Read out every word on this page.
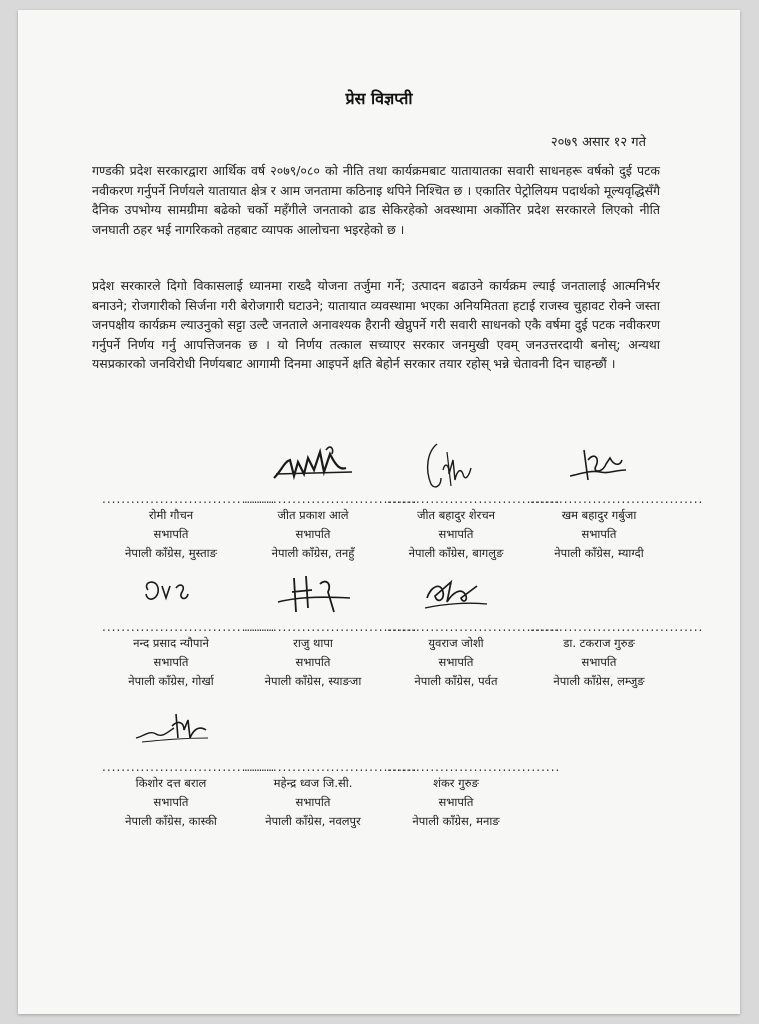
प्रेस विज्ञप्ती
२०७९ असार १२ गते
गण्डकी प्रदेश सरकारद्वारा आर्थिक वर्ष २०७९/०८० को नीति तथा कार्यक्रमबाट यातायातका सवारी साधनहरू वर्षको दुई पटक नवीकरण गर्नुपर्ने निर्णयले यातायात क्षेत्र र आम जनतामा कठिनाइ थपिने निश्चित छ । एकातिर पेट्रोलियम पदार्थको मूल्यवृद्धिसँगै दैनिक उपभोग्य सामग्रीमा बढेको चर्को महँगीले जनताको ढाड सेकिरहेको अवस्थामा अर्कोतिर प्रदेश सरकारले लिएको नीति जनघाती ठहर भई नागरिकको तहबाट व्यापक आलोचना भइरहेको छ ।
प्रदेश सरकारले दिगो विकासलाई ध्यानमा राख्दै योजना तर्जुमा गर्ने; उत्पादन बढाउने कार्यक्रम ल्याई जनतालाई आत्मनिर्भर बनाउने; रोजगारीको सिर्जना गरी बेरोजगारी घटाउने; यातायात व्यवस्थामा भएका अनियमितता हटाई राजस्व चुहावट रोक्ने जस्ता जनपक्षीय कार्यक्रम ल्याउनुको सट्टा उल्टै जनताले अनावश्यक हैरानी खेप्नुपर्ने गरी सवारी साधनको एकै वर्षमा दुई पटक नवीकरण गर्नुपर्ने निर्णय गर्नु आपत्तिजनक छ । यो निर्णय तत्काल सच्याएर सरकार जनमुखी एवम् जनउत्तरदायी बनोस्; अन्यथा यसप्रकारको जनविरोधी निर्णयबाट आगामी दिनमा आइपर्ने क्षति बेहोर्न सरकार तयार रहोस् भन्ने चेतावनी दिन चाहन्छौं ।
....................................
रोमी गौचन
सभापति
नेपाली काँग्रेस, मुस्ताङ
....................................
जीत प्रकाश आले
सभापति
नेपाली काँग्रेस, तनहुँ
....................................
जीत बहादुर शेरचन
सभापति
नेपाली काँग्रेस, बागलुङ
....................................
खम बहादुर गर्बुजा
सभापति
नेपाली काँग्रेस, म्याग्दी
....................................
नन्द प्रसाद न्यौपाने
सभापति
नेपाली काँग्रेस, गोर्खा
....................................
राजु थापा
सभापति
नेपाली काँग्रेस, स्याङजा
....................................
युवराज जोशी
सभापति
नेपाली काँग्रेस, पर्वत
....................................
डा. टकराज गुरुङ
सभापति
नेपाली काँग्रेस, लम्जुङ
....................................
किशोर दत्त बराल
सभापति
नेपाली काँग्रेस, कास्की
....................................
महेन्द्र ध्वज जि.सी.
सभापति
नेपाली काँग्रेस, नवलपुर
....................................
शंकर गुरुङ
सभापति
नेपाली काँग्रेस, मनाङ
